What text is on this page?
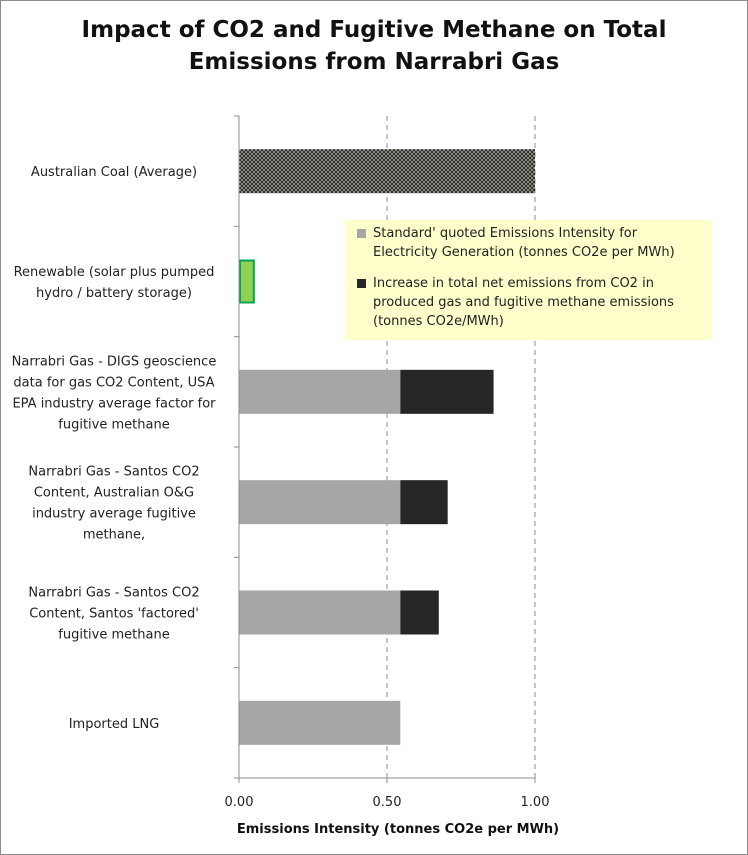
Impact of CO2 and Fugitive Methane on Total
Emissions from Narrabri Gas
Australian Coal (Average)
Renewable (solar plus pumped hydro / battery storage)
Narrabri Gas - DIGS geoscience data for gas CO2 Content, USA EPA industry average factor for fugitive methane
Narrabri Gas - Santos CO2 Content, Australian O&G industry average fugitive methane,
Narrabri Gas - Santos CO2 Content, Santos 'factored' fugitive methane
Imported LNG
0.00	0.50	1.00
Emissions Intensity (tonnes CO2e per MWh)
Standard' quoted Emissions Intensity for
Electricity Generation (tonnes CO2e per MWh)
Increase in total net emissions from CO2 in
produced gas and fugitive methane emissions
(tonnes CO2e/MWh)
